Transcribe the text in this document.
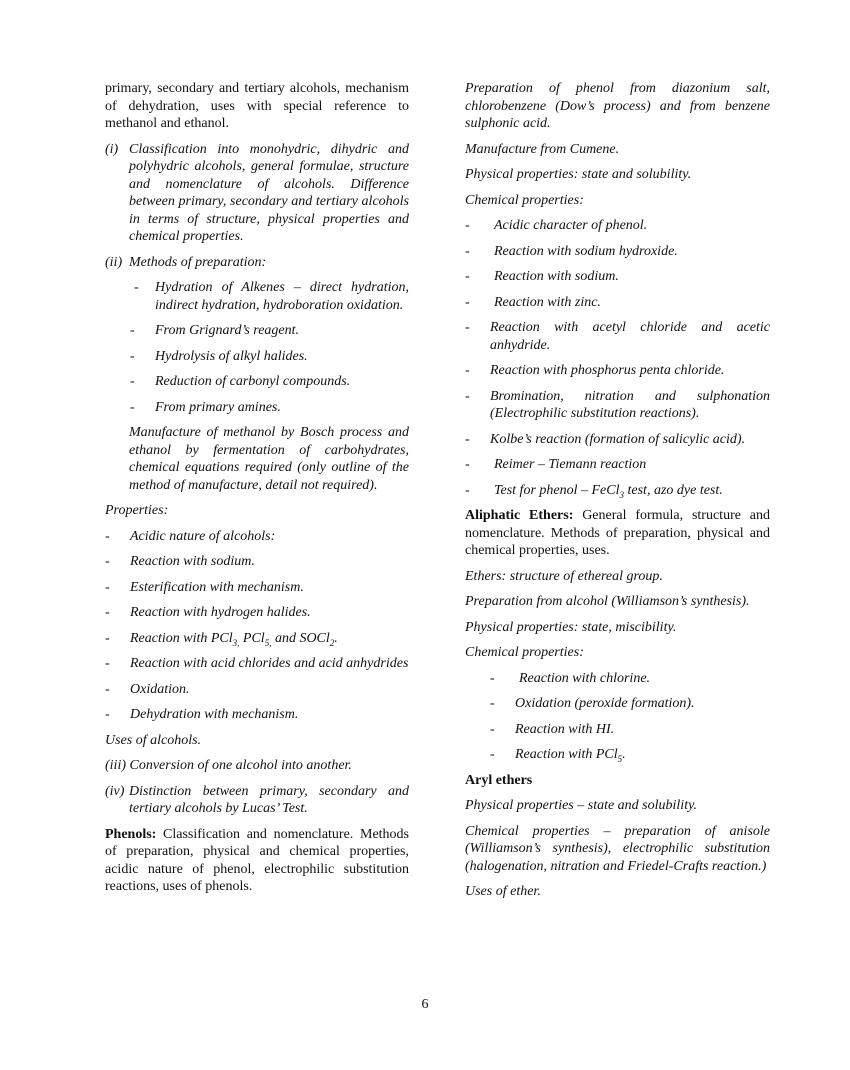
primary, secondary and tertiary alcohols, mechanism of dehydration, uses with special reference to methanol and ethanol.

(i) Classification into monohydric, dihydric and polyhydric alcohols, general formulae, structure and nomenclature of alcohols. Difference between primary, secondary and tertiary alcohols in terms of structure, physical properties and chemical properties.
(ii) Methods of preparation:
- Hydration of Alkenes – direct hydration, indirect hydration, hydroboration oxidation.
- From Grignard’s reagent.
- Hydrolysis of alkyl halides.
- Reduction of carbonyl compounds.
- From primary amines.

Manufacture of methanol by Bosch process and ethanol by fermentation of carbohydrates, chemical equations required (only outline of the method of manufacture, detail not required).

Properties:

- Acidic nature of alcohols:
- Reaction with sodium.
- Esterification with mechanism.
- Reaction with hydrogen halides.
- Reaction with PCl$_{3,}$ PCl$_{5,}$ and SOCl$_2$.
- Reaction with acid chlorides and acid anhydrides
- Oxidation.
- Dehydration with mechanism.

Uses of alcohols.

(iii) Conversion of one alcohol into another.
(iv) Distinction between primary, secondary and tertiary alcohols by Lucas’ Test.

Phenols: Classification and nomenclature. Methods of preparation, physical and chemical properties, acidic nature of phenol, electrophilic substitution reactions, uses of phenols.

Preparation of phenol from diazonium salt, chlorobenzene (Dow’s process) and from benzene sulphonic acid.

Manufacture from Cumene.

Physical properties: state and solubility.

Chemical properties:

- Acidic character of phenol.
- Reaction with sodium hydroxide.
- Reaction with sodium.
- Reaction with zinc.
- Reaction with acetyl chloride and acetic anhydride.
- Reaction with phosphorus penta chloride.
- Bromination, nitration and sulphonation (Electrophilic substitution reactions).
- Kolbe’s reaction (formation of salicylic acid).
- Reimer – Tiemann reaction
- Test for phenol – FeCl$_3$ test, azo dye test.

Aliphatic Ethers: General formula, structure and nomenclature. Methods of preparation, physical and chemical properties, uses.

Ethers: structure of ethereal group.

Preparation from alcohol (Williamson’s synthesis).

Physical properties: state, miscibility.

Chemical properties:

- Reaction with chlorine.
- Oxidation (peroxide formation).
- Reaction with HI.
- Reaction with PCl$_5$.

Aryl ethers

Physical properties – state and solubility.

Chemical properties – preparation of anisole (Williamson’s synthesis), electrophilic substitution (halogenation, nitration and Friedel-Crafts reaction.)

Uses of ether.

6
